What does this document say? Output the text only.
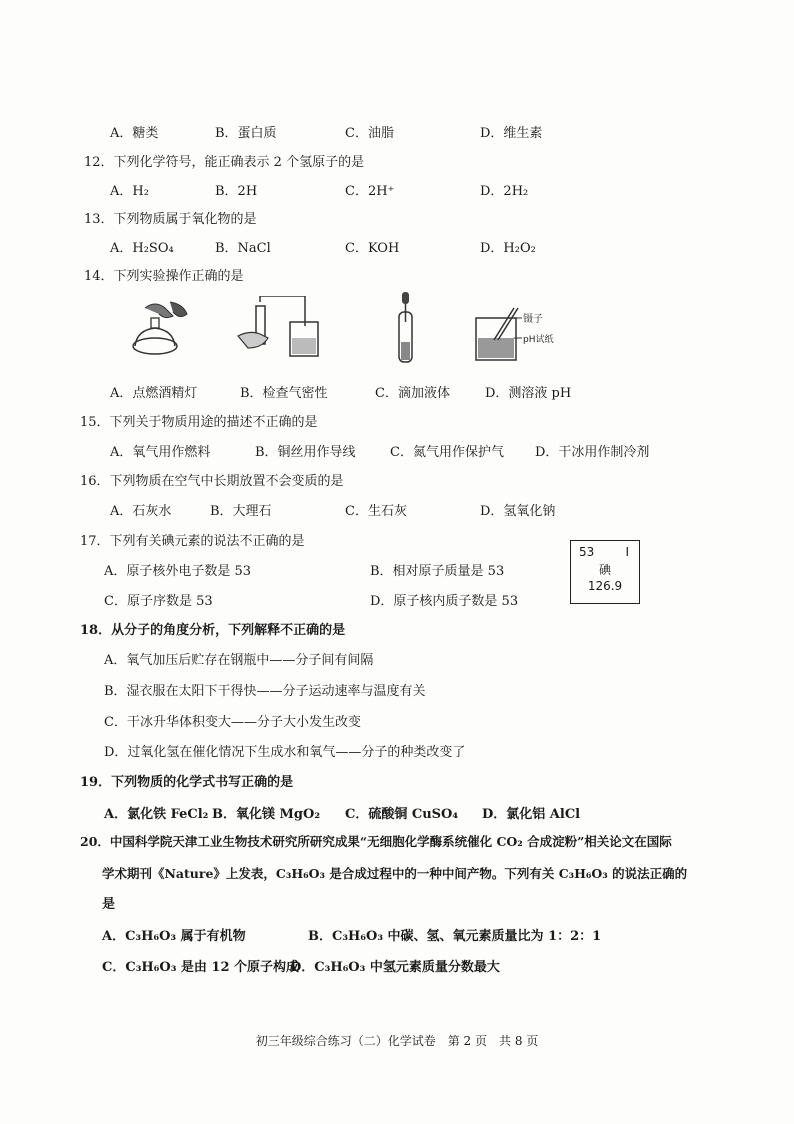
A．糖类	B．蛋白质	C．油脂	D．维生素
12．下列化学符号，能正确表示 2 个氢原子的是
A．H₂	B．2H	C．2H⁺	D．2H₂
13．下列物质属于氧化物的是
A．H₂SO₄	B．NaCl	C．KOH	D．H₂O₂
14．下列实验操作正确的是
镊子
pH试纸
A．点燃酒精灯	B．检查气密性	C．滴加液体	D．测溶液 pH
15．下列关于物质用途的描述不正确的是
A．氧气用作燃料	B．铜丝用作导线	C．氮气用作保护气 D．干冰用作制冷剂
16．下列物质在空气中长期放置不会变质的是
A．石灰水	B．大理石	C．生石灰	D．氢氧化钠
17．下列有关碘元素的说法不正确的是
A．原子核外电子数是 53	B．相对原子质量是 53
C．原子序数是 53	D．原子核内质子数是 53
53	I
碘
126.9
18．从分子的角度分析，下列解释不正确的是
A．氧气加压后贮存在钢瓶中——分子间有间隔
B．湿衣服在太阳下干得快——分子运动速率与温度有关
C．干冰升华体积变大——分子大小发生改变
D．过氧化氢在催化情况下生成水和氧气——分子的种类改变了
19．下列物质的化学式书写正确的是
A．氯化铁 FeCl₂ B．氧化镁 MgO₂ C．硫酸铜 CuSO₄ D．氯化铝 AlCl
20．中国科学院天津工业生物技术研究所研究成果“无细胞化学酶系统催化 CO₂ 合成淀粉”相关论文在国际
学术期刊《Nature》上发表，C₃H₆O₃ 是合成过程中的一种中间产物。下列有关 C₃H₆O₃ 的说法正确的
是
A．C₃H₆O₃ 属于有机物	B．C₃H₆O₃ 中碳、氢、氧元素质量比为 1：2：1
C．C₃H₆O₃ 是由 12 个原子构成
D．C₃H₆O₃ 中氢元素质量分数最大
初三年级综合练习（二）化学试卷　第 2 页　共 8 页
